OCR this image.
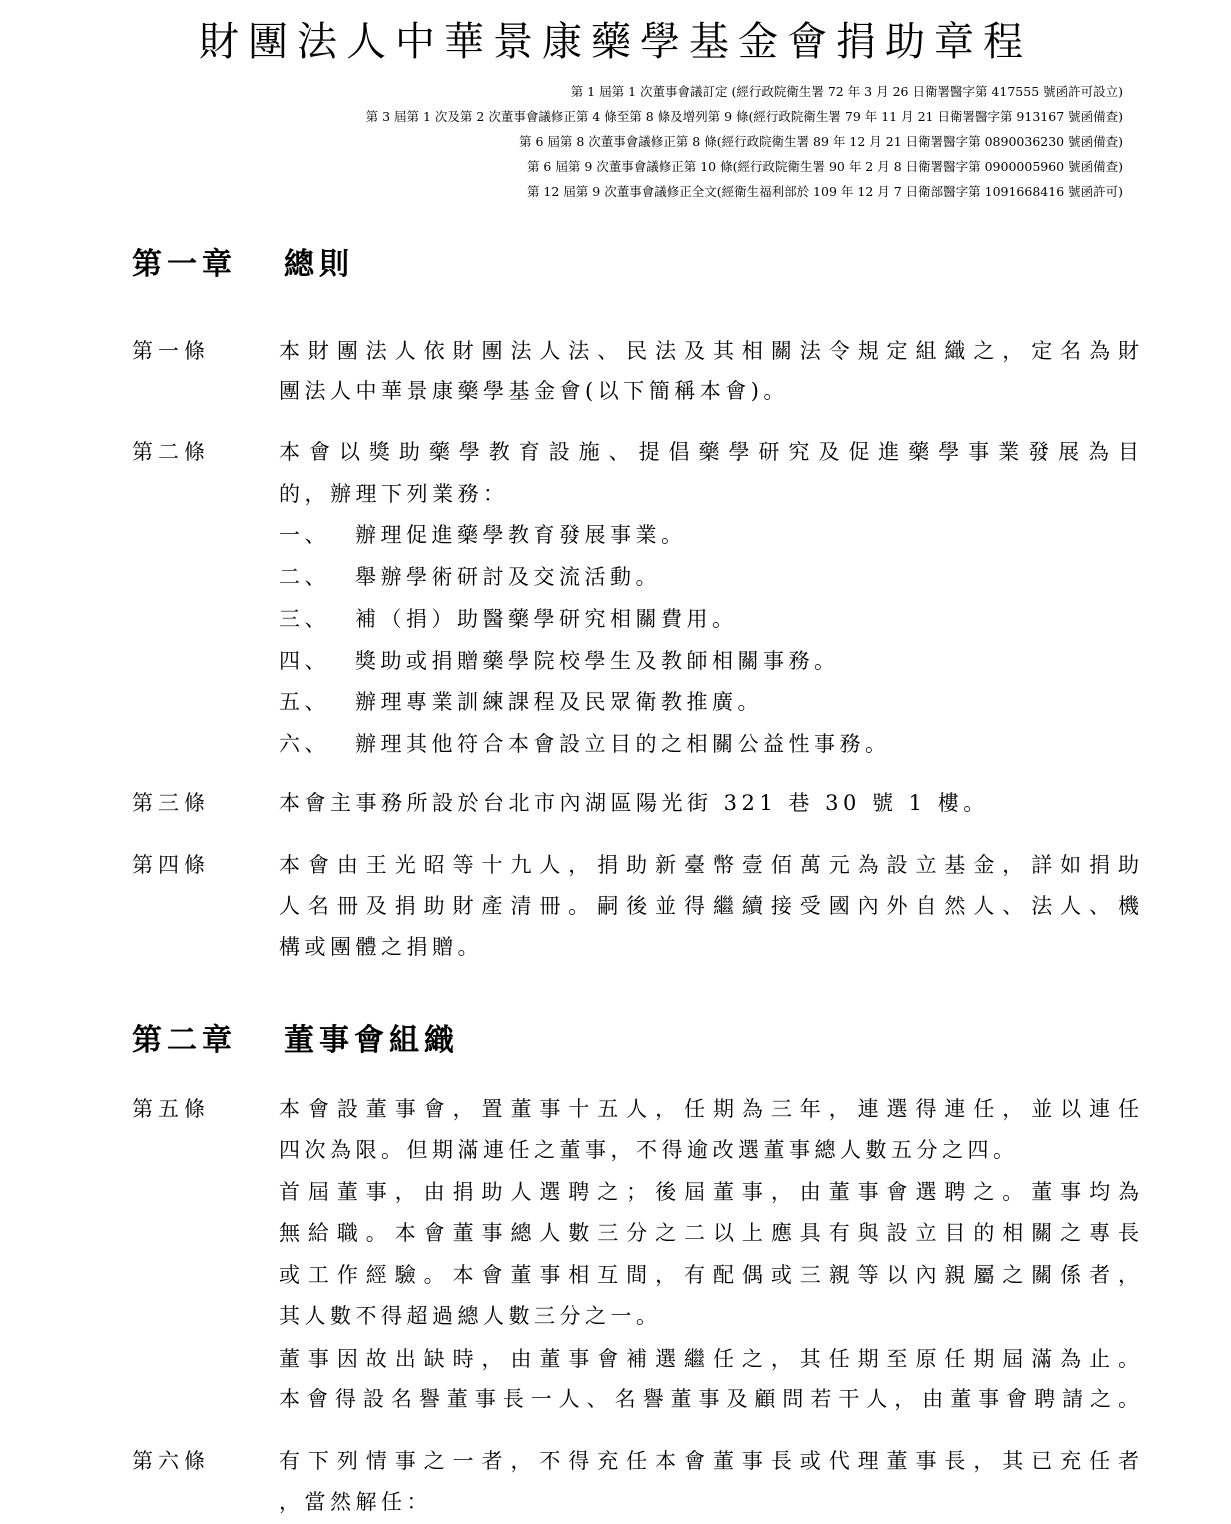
財團法人中華景康藥學基金會捐助章程
第 1 屆第 1 次董事會議訂定 (經行政院衛生署 72 年 3 月 26 日衛署醫字第 417555 號函許可設立)
第 3 屆第 1 次及第 2 次董事會議修正第 4 條至第 8 條及增列第 9 條(經行政院衛生署 79 年 11 月 21 日衛署醫字第 913167 號函備查)
第 6 屆第 8 次董事會議修正第 8 條(經行政院衛生署 89 年 12 月 21 日衛署醫字第 0890036230 號函備查)
第 6 屆第 9 次董事會議修正第 10 條(經行政院衛生署 90 年 2 月 8 日衛署醫字第 0900005960 號函備查)
第 12 屆第 9 次董事會議修正全文(經衛生福利部於 109 年 12 月 7 日衛部醫字第 1091668416 號函許可)
第一章 總則
第一條	本財團法人依財團法人法、民法及其相關法令規定組織之，定名為財
團法人中華景康藥學基金會(以下簡稱本會)。
第二條	本會以獎助藥學教育設施、提倡藥學研究及促進藥學事業發展為目
的，辦理下列業務：
一、 辦理促進藥學教育發展事業。
二、 舉辦學術研討及交流活動。
三、 補（捐）助醫藥學研究相關費用。
四、 獎助或捐贈藥學院校學生及教師相關事務。
五、 辦理專業訓練課程及民眾衛教推廣。
六、 辦理其他符合本會設立目的之相關公益性事務。
第三條	本會主事務所設於台北市內湖區陽光街 321 巷 30 號 1 樓。
第四條	本會由王光昭等十九人，捐助新臺幣壹佰萬元為設立基金，詳如捐助
人名冊及捐助財產清冊。嗣後並得繼續接受國內外自然人、法人、機
構或團體之捐贈。
第二章 董事會組織
第五條	本會設董事會，置董事十五人，任期為三年，連選得連任，並以連任
四次為限。但期滿連任之董事，不得逾改選董事總人數五分之四。
首屆董事，由捐助人選聘之；後屆董事，由董事會選聘之。董事均為
無給職。本會董事總人數三分之二以上應具有與設立目的相關之專長
或工作經驗。本會董事相互間，有配偶或三親等以內親屬之關係者，
其人數不得超過總人數三分之一。
董事因故出缺時，由董事會補選繼任之，其任期至原任期屆滿為止。
本會得設名譽董事長一人、名譽董事及顧問若干人，由董事會聘請之。
第六條	有下列情事之一者，不得充任本會董事長或代理董事長，其已充任者
，當然解任：
